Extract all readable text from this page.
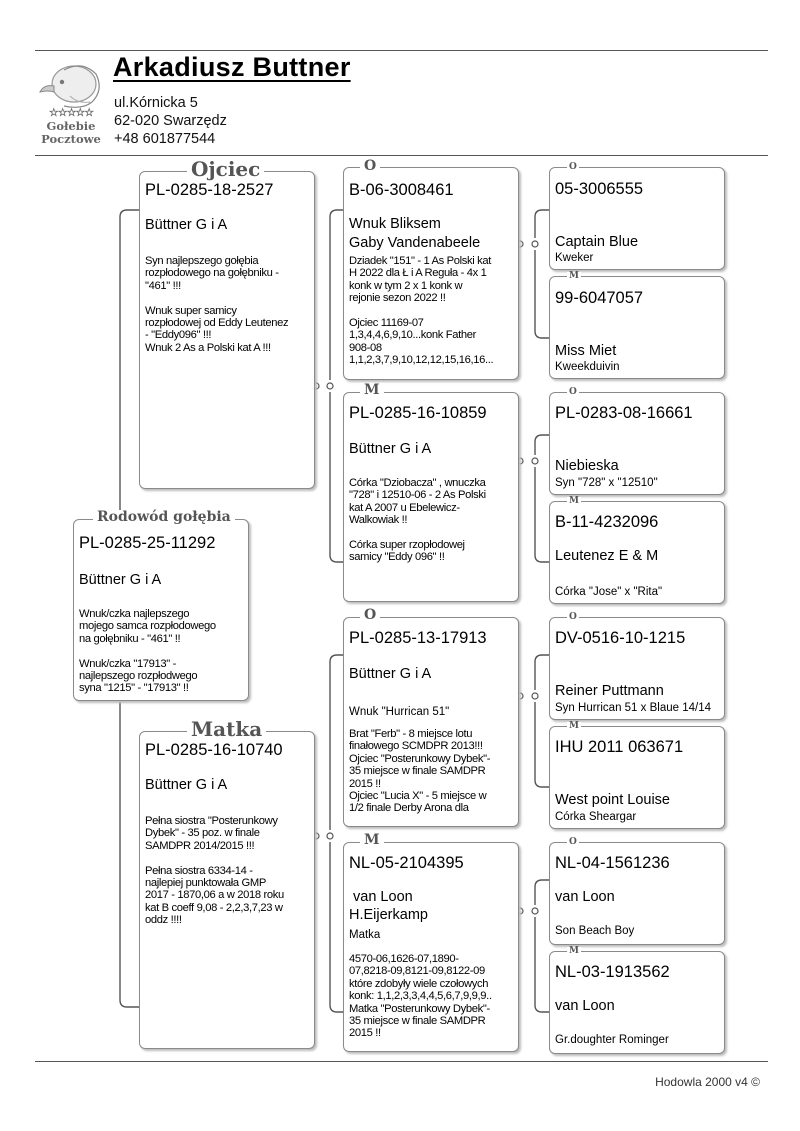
☆☆☆☆☆
Gołebie
Pocztowe
Arkadiusz Buttner
ul.Kórnicka 5
62-020 Swarzędz
+48 601877544
PL-0285-25-11292
Büttner G i A
Wnuk/czka najlepszego
mojego samca rozpłodowego
na gołębniku - "461" !!

Wnuk/czka "17913" -
najlepszego rozpłodwego
syna "1215" - "17913" !!
Rodowód gołębia
PL-0285-18-2527
Büttner G i A
Syn najlepszego gołębia
rozpłodowego na gołębniku -
"461" !!!

Wnuk super samicy
rozpłodowej od Eddy Leutenez
- "Eddy096" !!!
Wnuk 2 As a Polski kat A !!!
Ojciec
PL-0285-16-10740
Büttner G i A
Pełna siostra "Posterunkowy
Dybek" - 35 poz. w finale
SAMDPR 2014/2015 !!!

Pełna siostra 6334-14 -
najlepiej punktowała GMP
2017 - 1870,06 a w 2018 roku
kat B coeff 9,08 - 2,2,3,7,23 w
oddz !!!!
Matka
B-06-3008461
Wnuk Bliksem
Gaby Vandenabeele
Dziadek "151" - 1 As Polski kat
H 2022 dla Ł i A Reguła - 4x 1
konk w tym 2 x 1 konk w
rejonie sezon 2022 !!

Ojciec 11169-07
1,3,4,4,6,9,10...konk Father
908-08
1,1,2,3,7,9,10,12,12,15,16,16...
O
PL-0285-16-10859
Büttner G i A
Córka "Dziobacza" , wnuczka
"728" i 12510-06 - 2 As Polski
kat A 2007 u Ebelewicz-
Walkowiak !!

Córka super rzopłodowej
samicy "Eddy 096" !!
M
PL-0285-13-17913
Büttner G i A
Wnuk "Hurrican 51"
Brat "Ferb" - 8 miejsce lotu
finałowego SCMDPR 2013!!!
Ojciec "Posterunkowy Dybek"-
35 miejsce w finale SAMDPR
2015 !!
Ojciec "Lucia X" - 5 miejsce w
1/2 finale Derby Arona dla
O
NL-05-2104395
van Loon
H.Eijerkamp
Matka
4570-06,1626-07,1890-
07,8218-09,8121-09,8122-09
które zdobyły wiele czołowych
konk: 1,1,2,3,3,4,4,5,6,7,9,9,9..
Matka "Posterunkowy Dybek"-
35 miejsce w finale SAMDPR
2015 !!
M
05-3006555
Captain Blue
Kweker
O
99-6047057
Miss Miet
Kweekduivin
M
PL-0283-08-16661
Niebieska
Syn "728" x "12510"
O
B-11-4232096
Leutenez E & M
Córka "Jose" x "Rita"
M
DV-0516-10-1215
Reiner Puttmann
Syn Hurrican 51 x Blaue 14/14
O
IHU 2011 063671
West point Louise
Córka Sheargar
M
NL-04-1561236
van Loon
Son Beach Boy
O
NL-03-1913562
van Loon
Gr.doughter Rominger
M
Hodowla 2000 v4 ©
